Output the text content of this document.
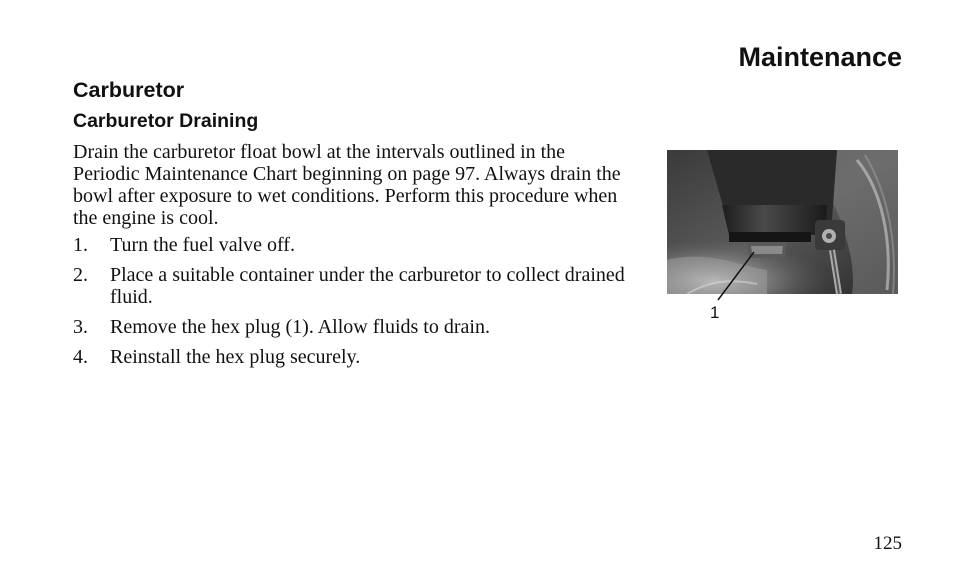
Maintenance
Carburetor
Carburetor Draining
Drain the carburetor float bowl at the intervals outlined in the Periodic Maintenance Chart beginning on page 97. Always drain the bowl after exposure to wet conditions. Perform this procedure when the engine is cool.
1.	Turn the fuel valve off.
2.	Place a suitable container under the carburetor to collect drained fluid.
3.	Remove the hex plug (1). Allow fluids to drain.
4.	Reinstall the hex plug securely.
1
125
